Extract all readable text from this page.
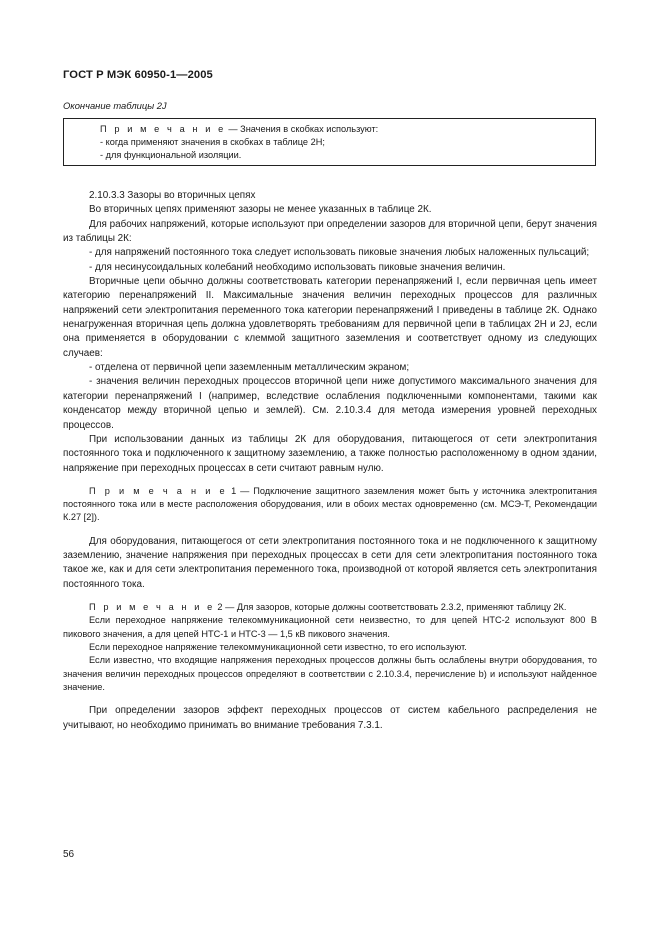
ГОСТ Р МЭК 60950-1—2005
Окончание таблицы 2J
П р и м е ч а н и е — Значения в скобках используют:
- когда применяют значения в скобках в таблице 2Н;
- для функциональной изоляции.

2.10.3.3 Зазоры во вторичных цепях

Во вторичных цепях применяют зазоры не менее указанных в таблице 2К.

Для рабочих напряжений, которые используют при определении зазоров для вторичной цепи, берут значения из таблицы 2К:

- для напряжений постоянного тока следует использовать пиковые значения любых наложенных пульсаций;

- для несинусоидальных колебаний необходимо использовать пиковые значения величин.

Вторичные цепи обычно должны соответствовать категории перенапряжений I, если первичная цепь имеет категорию перенапряжений II. Максимальные значения величин переходных процессов для различных напряжений сети электропитания переменного тока категории перенапряжений I приведены в таблице 2К. Однако ненагруженная вторичная цепь должна удовлетворять требованиям для первичной цепи в таблицах 2Н и 2J, если она применяется в оборудовании с клеммой защитного заземления и соответствует одному из следующих случаев:

- отделена от первичной цепи заземленным металлическим экраном;

- значения величин переходных процессов вторичной цепи ниже допустимого максимального значения для категории перенапряжений I (например, вследствие ослабления подключенными компонентами, такими как конденсатор между вторичной цепью и землей). См. 2.10.3.4 для метода измерения уровней переходных процессов.

При использовании данных из таблицы 2К для оборудования, питающегося от сети электропитания постоянного тока и подключенного к защитному заземлению, а также полностью расположенному в одном здании, напряжение при переходных процессах в сети считают равным нулю.

П р и м е ч а н и е 1 — Подключение защитного заземления может быть у источника электропитания постоянного тока или в месте расположения оборудования, или в обоих местах одновременно (см. МСЭ-Т, Рекомендации К.27 [2]).

Для оборудования, питающегося от сети электропитания постоянного тока и не подключенного к защитному заземлению, значение напряжения при переходных процессах в сети для сети электропитания постоянного тока такое же, как и для сети электропитания переменного тока, производной от которой является сеть электропитания постоянного тока.

П р и м е ч а н и е 2 — Для зазоров, которые должны соответствовать 2.3.2, применяют таблицу 2К.

Если переходное напряжение телекоммуникационной сети неизвестно, то для цепей НТС-2 используют 800 В пикового значения, а для цепей НТС-1 и НТС-3 — 1,5 кВ пикового значения.

Если переходное напряжение телекоммуникационной сети известно, то его используют.

Если известно, что входящие напряжения переходных процессов должны быть ослаблены внутри оборудования, то значения величин переходных процессов определяют в соответствии с 2.10.3.4, перечисление b) и используют найденное значение.

При определении зазоров эффект переходных процессов от систем кабельного распределения не учитывают, но необходимо принимать во внимание требования 7.3.1.

56
